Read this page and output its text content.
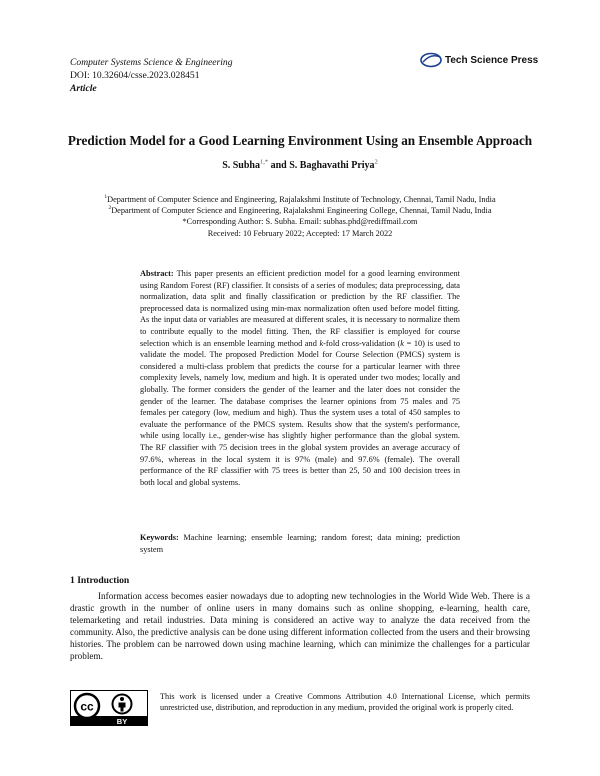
Computer Systems Science & Engineering
DOI: 10.32604/csse.2023.028451
Article
Tech Science Press
Prediction Model for a Good Learning Environment Using an Ensemble Approach
S. Subha$^{1,*}$ and S. Baghavathi Priya$^2$
$^1$Department of Computer Science and Engineering, Rajalakshmi Institute of Technology, Chennai, Tamil Nadu, India
$^2$Department of Computer Science and Engineering, Rajalakshmi Engineering College, Chennai, Tamil Nadu, India
*Corresponding Author: S. Subha. Email: subhas.phd@rediffmail.com
Received: 10 February 2022; Accepted: 17 March 2022
Abstract: This paper presents an efficient prediction model for a good learning environment using Random Forest (RF) classifier. It consists of a series of modules; data preprocessing, data normalization, data split and finally classification or prediction by the RF classifier. The preprocessed data is normalized using min-max normalization often used before model fitting. As the input data or variables are measured at different scales, it is necessary to normalize them to contribute equally to the model fitting. Then, the RF classifier is employed for course selection which is an ensemble learning method and k-fold cross-validation (k = 10) is used to validate the model. The proposed Prediction Model for Course Selection (PMCS) system is considered a multi-class problem that predicts the course for a particular learner with three complexity levels, namely low, medium and high. It is operated under two modes; locally and globally. The former considers the gender of the learner and the later does not consider the gender of the learner. The database comprises the learner opinions from 75 males and 75 females per category (low, medium and high). Thus the system uses a total of 450 samples to evaluate the performance of the PMCS system. Results show that the system's performance, while using locally i.e., gender-wise has slightly higher performance than the global system. The RF classifier with 75 decision trees in the global system provides an average accuracy of 97.6%, whereas in the local system it is 97% (male) and 97.6% (female). The overall performance of the RF classifier with 75 trees is better than 25, 50 and 100 decision trees in both local and global systems.
Keywords: Machine learning; ensemble learning; random forest; data mining; prediction system
1 Introduction
Information access becomes easier nowadays due to adopting new technologies in the World Wide Web. There is a drastic growth in the number of online users in many domains such as online shopping, e-learning, health care, telemarketing and retail industries. Data mining is considered an active way to analyze the data received from the community. Also, the predictive analysis can be done using different information collected from the users and their browsing histories. The problem can be narrowed down using machine learning, which can minimize the challenges for a particular problem.
cc
BY
This work is licensed under a Creative Commons Attribution 4.0 International License, which permits unrestricted use, distribution, and reproduction in any medium, provided the original work is properly cited.
